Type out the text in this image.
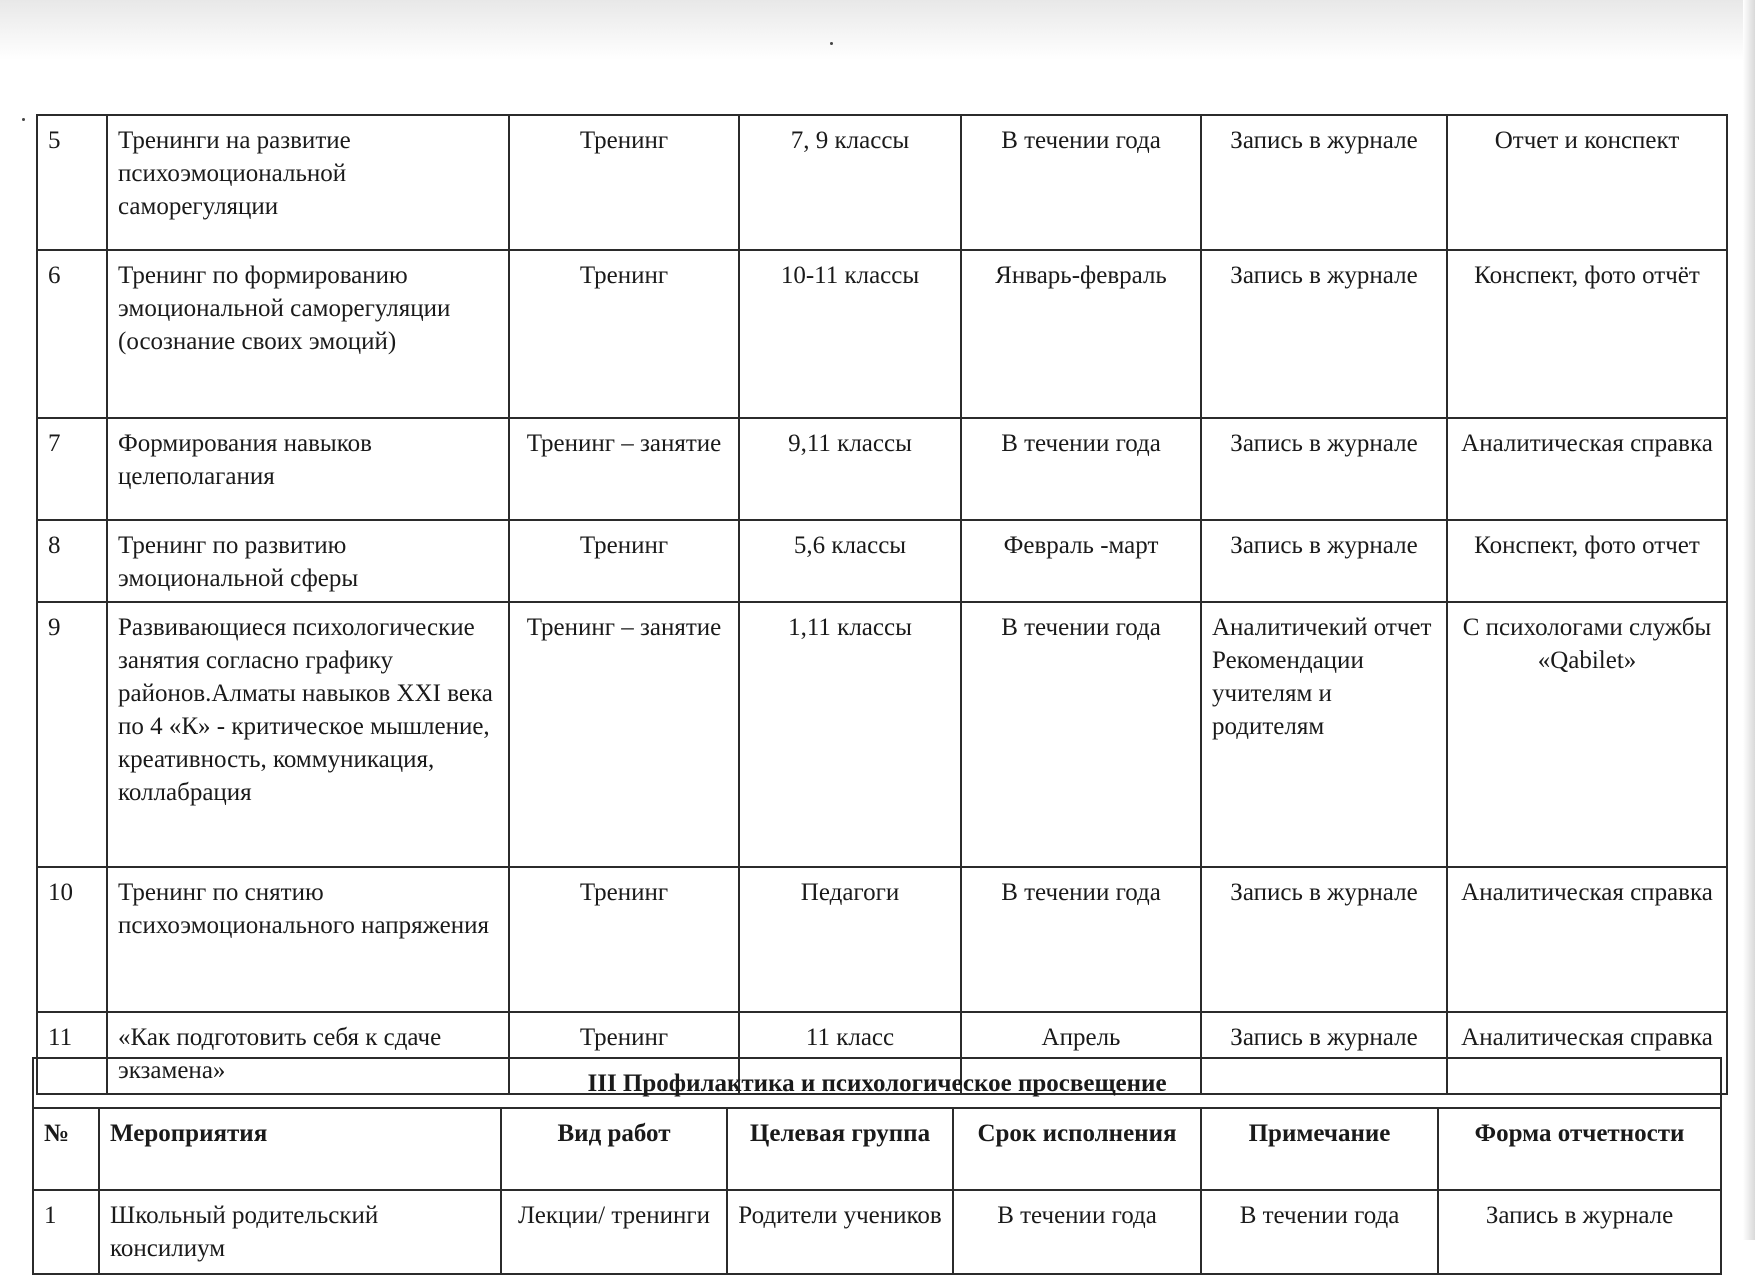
5	Тренинги на развитие психоэмоциональной саморегуляции	Тренинг	7, 9 классы	В течении года	Запись в журнале	Отчет и конспект
6	Тренинг по формированию эмоциональной саморегуляции (осознание своих эмоций)	Тренинг	10-11 классы	Январь-февраль	Запись в журнале	Конспект, фото отчёт
7	Формирования навыков целеполагания	Тренинг – занятие	9,11 классы	В течении года	Запись в журнале	Аналитическая справка
8	Тренинг по развитию эмоциональной сферы	Тренинг	5,6 классы	Февраль -март	Запись в журнале	Конспект, фото отчет
9	Развивающиеся психологические занятия согласно графику районов.Алматы навыков XXI века по 4 «К» - критическое мышление, креативность, коммуникация, коллабрация	Тренинг – занятие	1,11 классы	В течении года	Аналитичекий отчет Рекомендации учителям и родителям	С психологами службы «Qabilet»
10	Тренинг по снятию психоэмоционального напряжения	Тренинг	Педагоги	В течении года	Запись в журнале	Аналитическая справка
11	«Как подготовить себя к сдаче экзамена»	Тренинг	11 класс	Апрель	Запись в журнале	Аналитическая справка
III Профилактика и психологическое просвещение						
№	Мероприятия	Вид работ	Целевая группа	Срок исполнения	Примечание	Форма отчетности
1	Школьный родительский консилиум	Лекции/ тренинги	Родители учеников	В течении года	В течении года	Запись в журнале
